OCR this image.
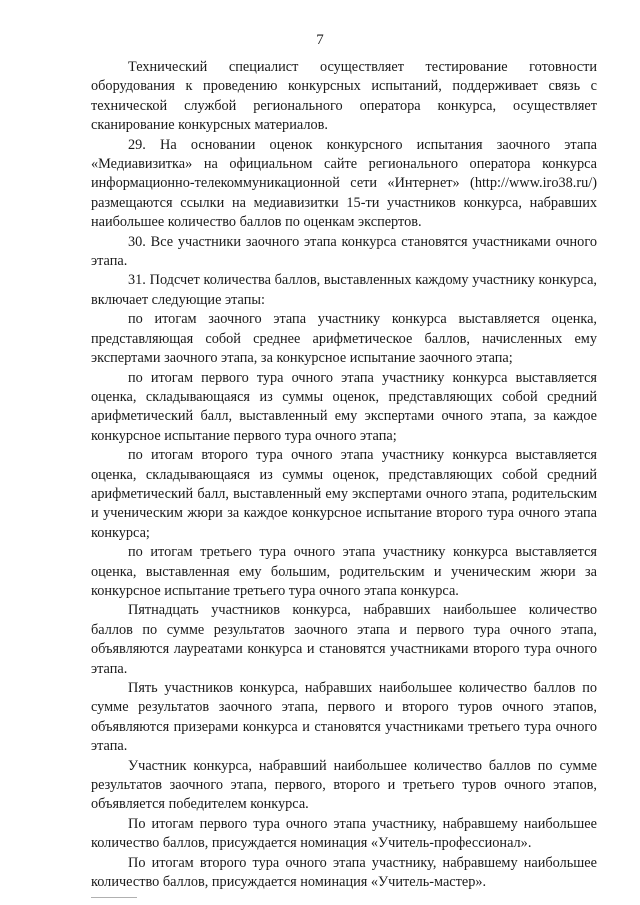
7

Технический специалист осуществляет тестирование готовности оборудования к проведению конкурсных испытаний, поддерживает связь с технической службой регионального оператора конкурса, осуществляет сканирование конкурсных материалов.

29. На основании оценок конкурсного испытания заочного этапа «Медиавизитка» на официальном сайте регионального оператора конкурса информационно-телекоммуникационной сети «Интернет» (http://www.iro38.ru/) размещаются ссылки на медиавизитки 15-ти участников конкурса, набравших наибольшее количество баллов по оценкам экспертов.

30. Все участники заочного этапа конкурса становятся участниками очного этапа.

31. Подсчет количества баллов, выставленных каждому участнику конкурса, включает следующие этапы:

по итогам заочного этапа участнику конкурса выставляется оценка, представляющая собой среднее арифметическое баллов, начисленных ему экспертами заочного этапа, за конкурсное испытание заочного этапа;

по итогам первого тура очного этапа участнику конкурса выставляется оценка, складывающаяся из суммы оценок, представляющих собой средний арифметический балл, выставленный ему экспертами очного этапа, за каждое конкурсное испытание первого тура очного этапа;

по итогам второго тура очного этапа участнику конкурса выставляется оценка, складывающаяся из суммы оценок, представляющих собой средний арифметический балл, выставленный ему экспертами очного этапа, родительским и ученическим жюри за каждое конкурсное испытание второго тура очного этапа конкурса;

по итогам третьего тура очного этапа участнику конкурса выставляется оценка, выставленная ему большим, родительским и ученическим жюри за конкурсное испытание третьего тура очного этапа конкурса.

Пятнадцать участников конкурса, набравших наибольшее количество баллов по сумме результатов заочного этапа и первого тура очного этапа, объявляются лауреатами конкурса и становятся участниками второго тура очного этапа.

Пять участников конкурса, набравших наибольшее количество баллов по сумме результатов заочного этапа, первого и второго туров очного этапов, объявляются призерами конкурса и становятся участниками третьего тура очного этапа.

Участник конкурса, набравший наибольшее количество баллов по сумме результатов заочного этапа, первого, второго и третьего туров очного этапов, объявляется победителем конкурса.

По итогам первого тура очного этапа участнику, набравшему наибольшее количество баллов, присуждается номинация «Учитель-профессионал».

По итогам второго тура очного этапа участнику, набравшему наибольшее количество баллов, присуждается номинация «Учитель-мастер».
